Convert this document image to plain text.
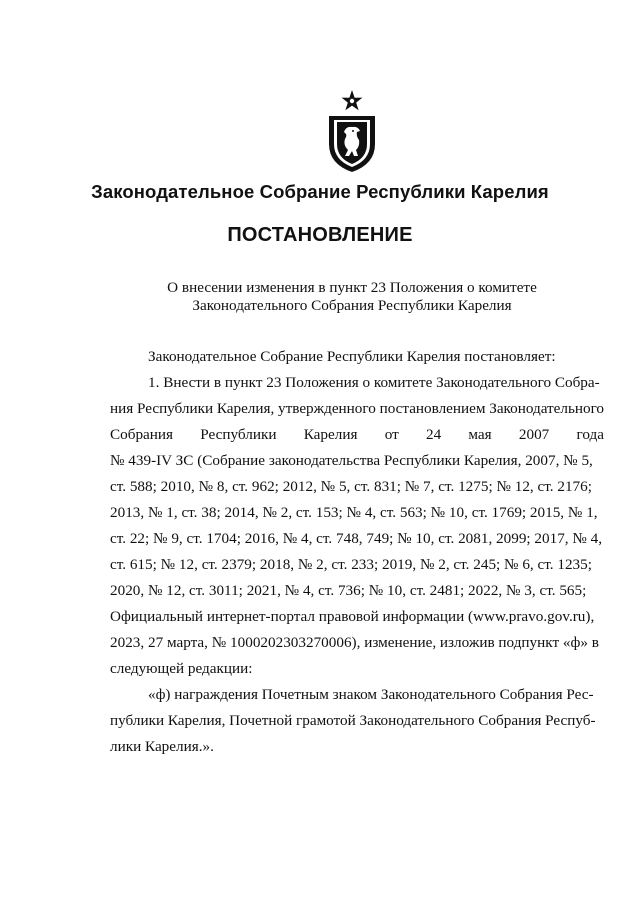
Законодательное Собрание Республики Карелия
ПОСТАНОВЛЕНИЕ
О внесении изменения в пункт 23 Положения о комитете
Законодательного Собрания Республики Карелия
Законодательное Собрание Республики Карелия постановляет:
1. Внести в пункт 23 Положения о комитете Законодательного Собра-
ния Республики Карелия, утвержденного постановлением Законодательного
Собрания Республики Карелия от 24 мая 2007 года
№ 439-IV ЗС (Собрание законодательства Республики Карелия, 2007, № 5,
ст. 588; 2010, № 8, ст. 962; 2012, № 5, ст. 831; № 7, ст. 1275; № 12, ст. 2176;
2013, № 1, ст. 38; 2014, № 2, ст. 153; № 4, ст. 563; № 10, ст. 1769; 2015, № 1,
ст. 22; № 9, ст. 1704; 2016, № 4, ст. 748, 749; № 10, ст. 2081, 2099; 2017, № 4,
ст. 615; № 12, ст. 2379; 2018, № 2, ст. 233; 2019, № 2, ст. 245; № 6, ст. 1235;
2020, № 12, ст. 3011; 2021, № 4, ст. 736; № 10, ст. 2481; 2022, № 3, ст. 565;
Официальный интернет-портал правовой информации (www.pravo.gov.ru),
2023, 27 марта, № 1000202303270006), изменение, изложив подпункт «ф» в
следующей редакции:
«ф) награждения Почетным знаком Законодательного Собрания Рес-
публики Карелия, Почетной грамотой Законодательного Собрания Респуб-
лики Карелия.».
